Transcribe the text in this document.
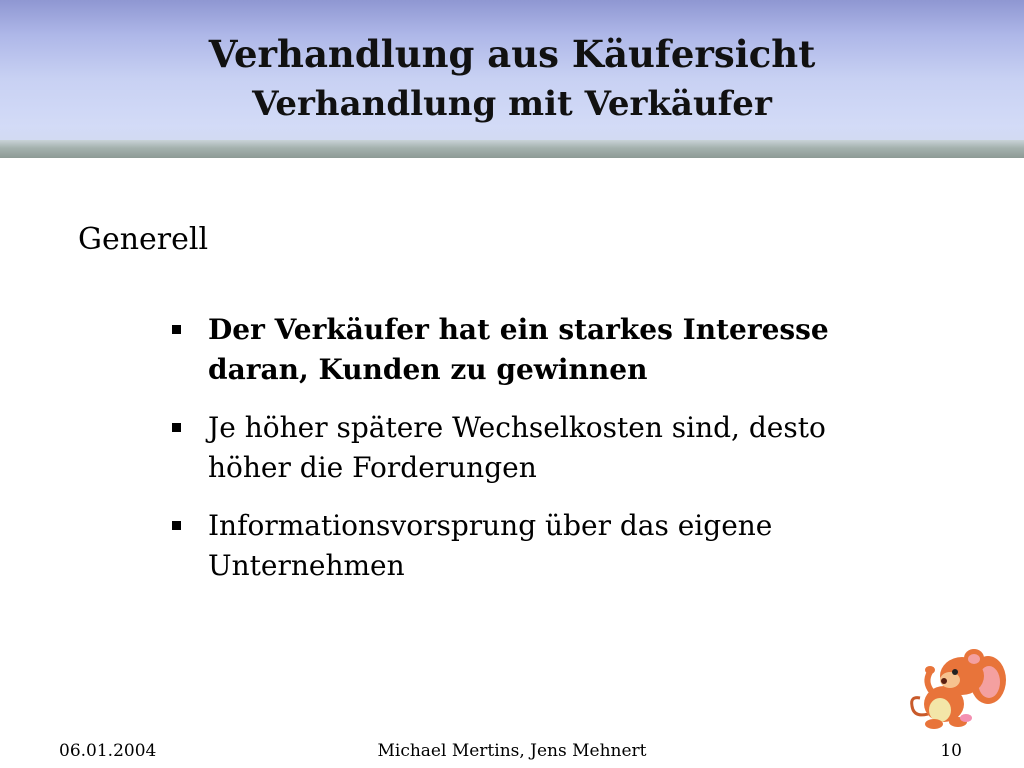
Verhandlung aus Käufersicht
Verhandlung mit Verkäufer
Generell
Der Verkäufer hat ein starkes Interesse daran, Kunden zu gewinnen
Je höher spätere Wechselkosten sind, desto höher die Forderungen
Informationsvorsprung über das eigene Unternehmen
06.01.2004	Michael Mertins, Jens Mehnert	10
